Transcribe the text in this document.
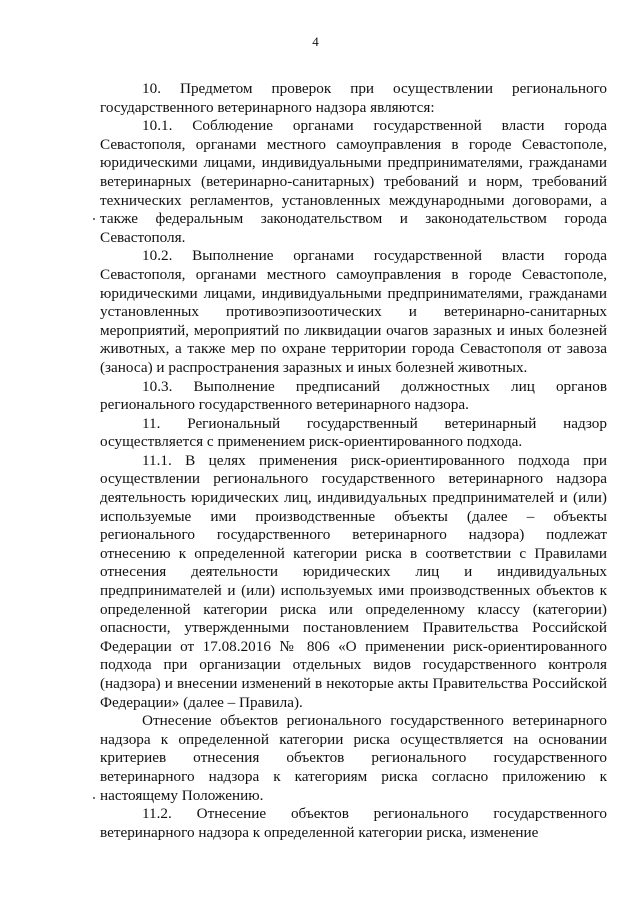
4

10. Предметом проверок при осуществлении регионального государственного ветеринарного надзора являются:

10.1. Соблюдение органами государственной власти города Севастополя, органами местного самоуправления в городе Севастополе, юридическими лицами, индивидуальными предпринимателями, гражданами ветеринарных (ветеринарно-санитарных) требований и норм, требований технических регламентов, установленных международными договорами, а также федеральным законодательством и законодательством города Севастополя.

10.2. Выполнение органами государственной власти города Севастополя, органами местного самоуправления в городе Севастополе, юридическими лицами, индивидуальными предпринимателями, гражданами установленных противоэпизоотических и ветеринарно-санитарных мероприятий, мероприятий по ликвидации очагов заразных и иных болезней животных, а также мер по охране территории города Севастополя от завоза (заноса) и распространения заразных и иных болезней животных.

10.3. Выполнение предписаний должностных лиц органов регионального государственного ветеринарного надзора.

11. Региональный государственный ветеринарный надзор осуществляется с применением риск-ориентированного подхода.

11.1. В целях применения риск-ориентированного подхода при осуществлении регионального государственного ветеринарного надзора деятельность юридических лиц, индивидуальных предпринимателей и (или) используемые ими производственные объекты (далее – объекты регионального государственного ветеринарного надзора) подлежат отнесению к определенной категории риска в соответствии с Правилами отнесения деятельности юридических лиц и индивидуальных предпринимателей и (или) используемых ими производственных объектов к определенной категории риска или определенному классу (категории) опасности, утвержденными постановлением Правительства Российской Федерации от 17.08.2016 № 806 «О применении риск-ориентированного подхода при организации отдельных видов государственного контроля (надзора) и внесении изменений в некоторые акты Правительства Российской Федерации» (далее – Правила).

Отнесение объектов регионального государственного ветеринарного надзора к определенной категории риска осуществляется на основании критериев отнесения объектов регионального государственного ветеринарного надзора к категориям риска согласно приложению к настоящему Положению.

11.2. Отнесение объектов регионального государственного ветеринарного надзора к определенной категории риска, изменение
